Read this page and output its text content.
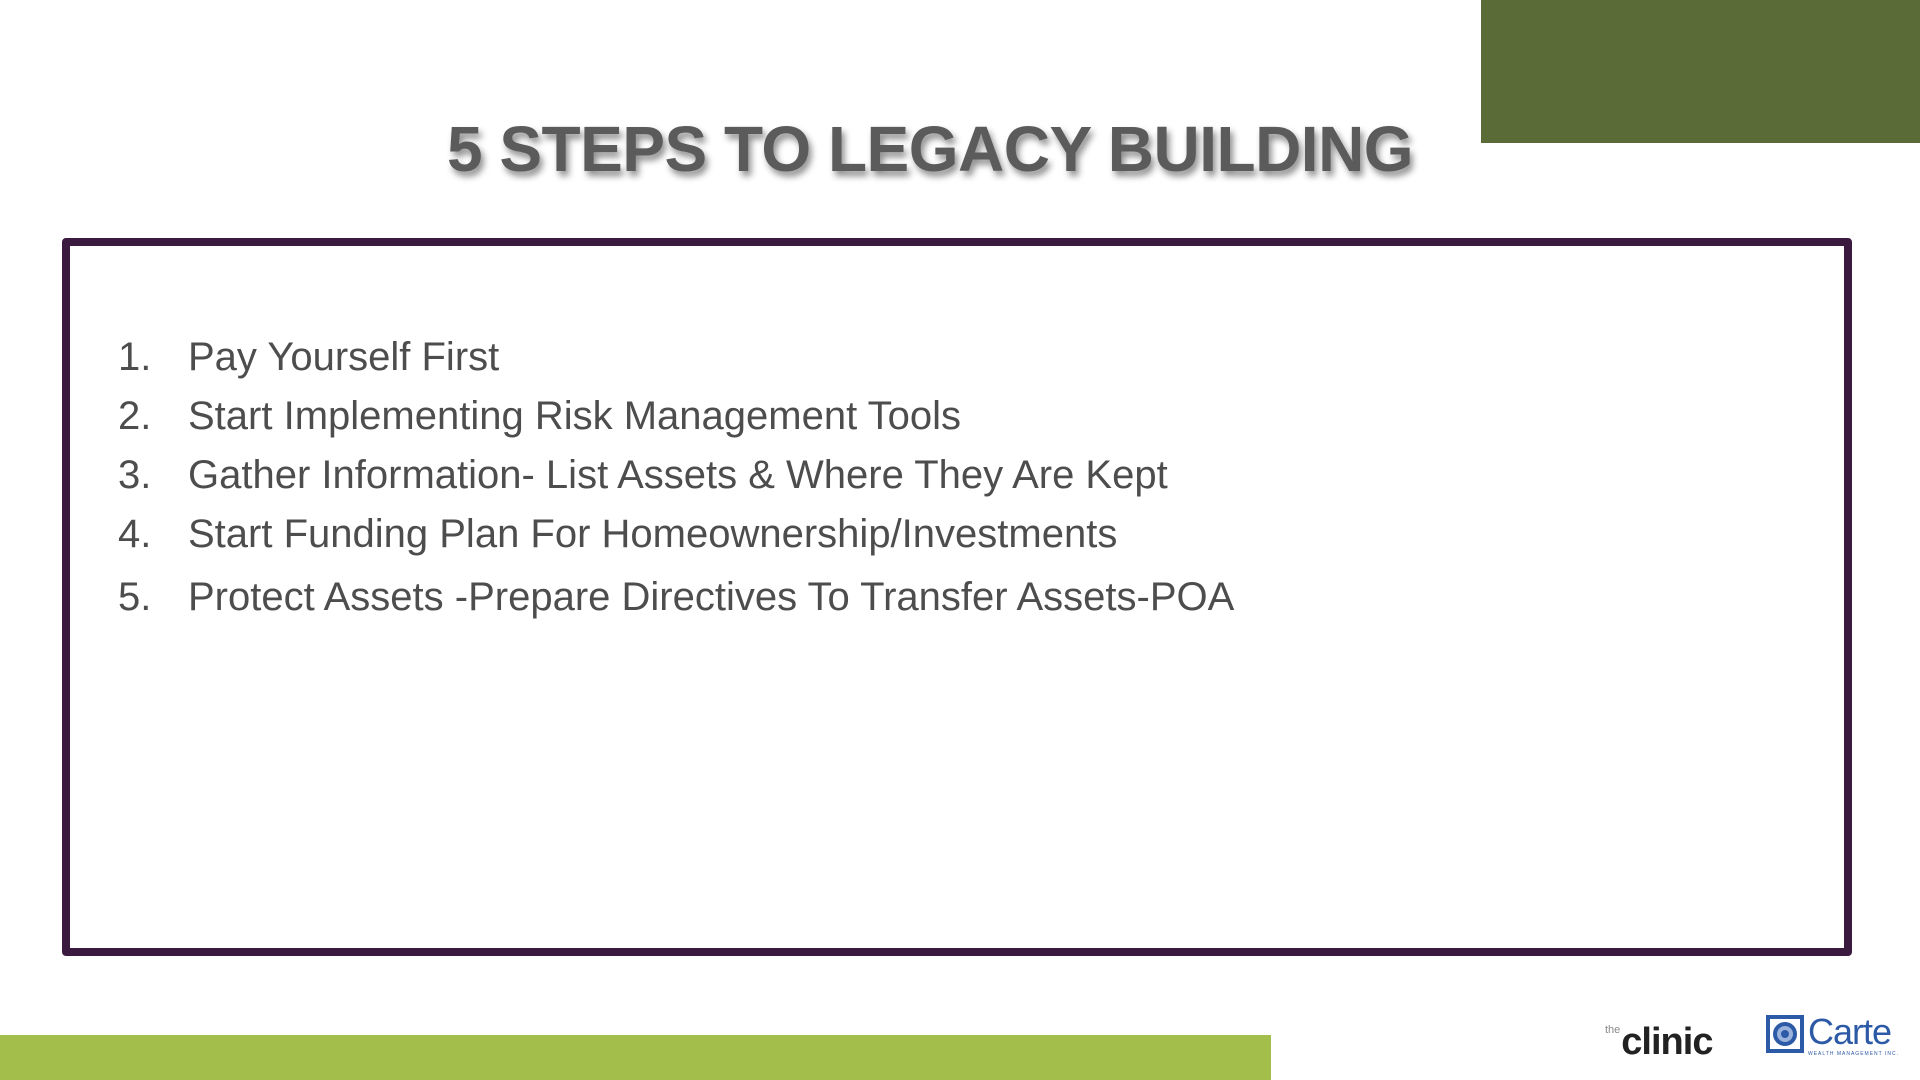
5 STEPS TO LEGACY BUILDING
1. Pay Yourself First
2. Start Implementing Risk Management Tools
3. Gather Information- List Assets & Where They Are Kept
4. Start Funding Plan For Homeownership/Investments
5. Protect Assets -Prepare Directives To Transfer Assets-POA
the clinic	Carte
WEALTH MANAGEMENT INC.
